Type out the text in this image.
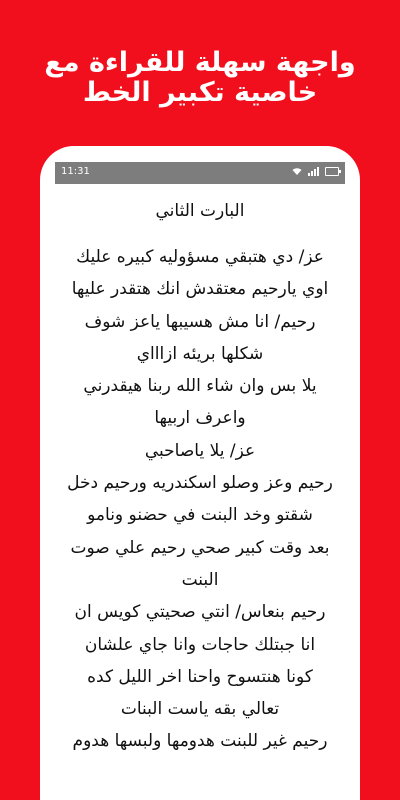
واجهة سهلة للقراءة مع
خاصية تكبير الخط
11:31
البارت الثاني
عز/ دي هتبقي مسؤوليه كبيره عليك
اوي يارحيم معتقدش انك هتقدر عليها
رحيم/ انا مش هسيبها ياعز شوف
شكلها بريئه ازاااي
يلا بس وان شاء الله ربنا هيقدرني
واعرف اربيها
عز/ يلا ياصاحبي
رحيم وعز وصلو اسكندريه ورحيم دخل
شقتو وخد البنت في حضنو ونامو
بعد وقت كبير صحي رحيم علي صوت
البنت
رحيم بنعاس/ انتي صحيتي كويس ان
انا جبتلك حاجات وانا جاي علشان
كونا هنتسوح واحنا اخر الليل كده
تعالي بقه ياست البنات
رحيم غير للبنت هدومها ولبسها هدوم
